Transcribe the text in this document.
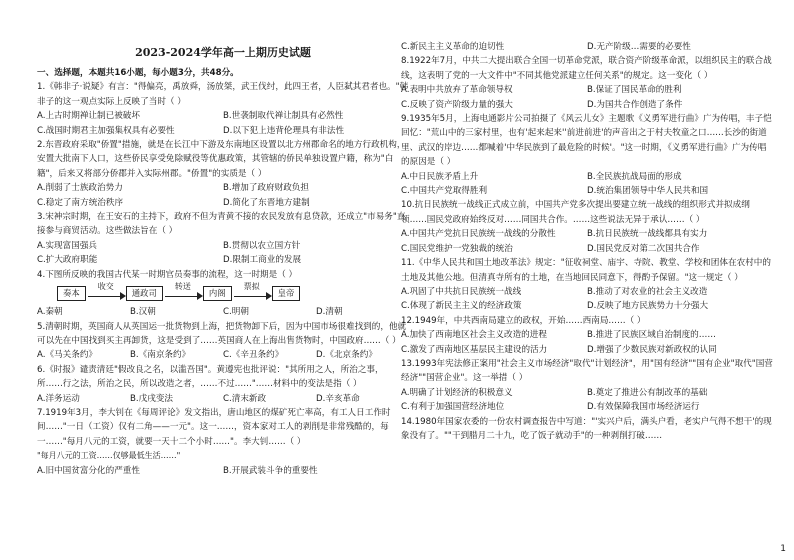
2023-2024学年高一上期历史试题

一、选择题，本题共16小题，每小题3分，共48分。

1.《韩非子·说疑》有言："得偏亮，禹放舜，汤放桀，武王伐纣，此四王者，人臣弑其君者也。"韩非子的这一观点实际上反映了当时（ ）

A.上古时期禅让制已被破坏	B.世袭制取代禅让制具有必然性
C.战国时期君主加强集权具有必要性	D.以下犯上违背伦理具有非法性

2.东晋政府采取"侨置"措施，就是在长江中下游及东南地区设置以北方州郡命名的地方行政机构，安置大批南下人口，这些侨民享受免除赋役等优惠政策，其管辖的侨民单独设置户籍，称为"白籍"，后来又将部分侨郡并入实际州郡。"侨置"的实质是（ ）

A.削弱了士族政治势力	B.增加了政府财政负担
C.稳定了南方统治秩序	D.简化了东晋地方建制

3.宋神宗时期，在王安石的主持下，政府不但为青黄不接的农民发放有息贷款，还成立"市易务"直接参与商贸活动。这些做法旨在（ ）

A.实现富国强兵	B.贯彻以农立国方针
C.扩大政府职能	D.限制工商业的发展

4.下图所反映的我国古代某一时期官员奏事的流程，这一时期是（ ）

奏本
收交
通政司
转送
内阁
票拟
皇帝
A.秦朝	B.汉朝	C.明朝	D.清朝

5.清朝时期，英国商人从英国运一批货物到上海，把货物卸下后，因为中国市场很难找到的，他就可以先在中国找到买主再卸货，这是受到了……英国商人在上海出售货物时，中国政府……（ ）

A.《马关条约》	B.《南京条约》	C.《辛丑条约》	D.《北京条约》

6.《时报》谴责清廷"假改良之名，以滥吾国"。黄遵宪也批评说："其所用之人，所治之事，所……行之法，所治之民，所以改造之者，……不过……"……材料中的变法是指（ ）

A.洋务运动	B.戊戌变法	C.清末新政	D.辛亥革命

7.1919年3月，李大钊在《每周评论》发文指出，唐山地区的煤矿死亡率高，有工人日工作时间……"一日（工资）仅有二角——一元"。这一……，资本家对工人的剥削是非常残酷的，每一……"每月八元的工资，就要一天十二个小时……"。李大钊……（ ）

"每月八元的工资……仅够最低生活……"

A.旧中国贫富分化的严重性	B.开展武装斗争的重要性
C.新民主主义革命的迫切性	D.无产阶级…需要的必要性

8.1922年7月，中共二大提出联合全国一切革命党派，联合资产阶级革命派，以组织民主的联合战线，这表明了党的一大文件中"不同其他党派建立任何关系"的规定。这一变化（ ）

A.表明中共放弃了革命领导权	B.保证了国民革命的胜利
C.反映了资产阶级力量的强大	D.为国共合作创造了条件

9.1935年5月，上海电通影片公司拍摄了《风云儿女》主题歌《义勇军进行曲》广为传唱，丰子恺回忆："荒山中的三家村里，也有'起来起来''前进前进'的声音出之于村夫牧童之口……长沙的街道里、武汉的岸边……都喊着'中华民族到了最危险的时候'。"这一时期，《义勇军进行曲》广为传唱的原因是（ ）

A.中日民族矛盾上升	B.全民族抗战局面的形成
C.中国共产党取得胜利	D.统治集团领导中华人民共和国

10.抗日民族统一战线正式成立前，中国共产党多次提出要建立统一战线的组织形式并拟成纲领……国民党政府始终反对……同国共合作。……这些说法无异于承认……（ ）

A.中国共产党抗日民族统一战线的分散性	B.抗日民族统一战线都具有实力
C.国民党维护一党独裁的统治	D.国民党反对第二次国共合作

11.《中华人民共和国土地改革法》规定："征收祠堂、庙宇、寺院、教堂、学校和团体在农村中的土地及其他公地。但清真寺所有的土地，在当地回民同意下，得酌予保留。"这一规定（ ）

A.巩固了中共抗日民族统一战线	B.推动了对农业的社会主义改造
C.体现了新民主主义的经济政策	D.反映了地方民族势力十分强大

12.1949年，中共西南局建立的政权，开始……西南局……（ ）

A.加快了西南地区社会主义改造的进程	B.推进了民族区域自治制度的……
C.激发了西南地区基层民主建设的活力	D.增强了少数民族对新政权的认同

13.1993年宪法修正案用"社会主义市场经济"取代"计划经济"，用"国有经济""国有企业"取代"国营经济""国营企业"。这一举措（ ）

A.明确了计划经济的积极意义	B.奠定了推进公有制改革的基础
C.有利于加强国营经济地位	D.有效保障我国市场经济运行

14.1980年国家农委的一份农村调查报告中写道："'实兴户后，满头户看，老实户气得不想干'的现象没有了。""干到腊月二十九，吃了饭子就动手"的一种剥削打破……

1
